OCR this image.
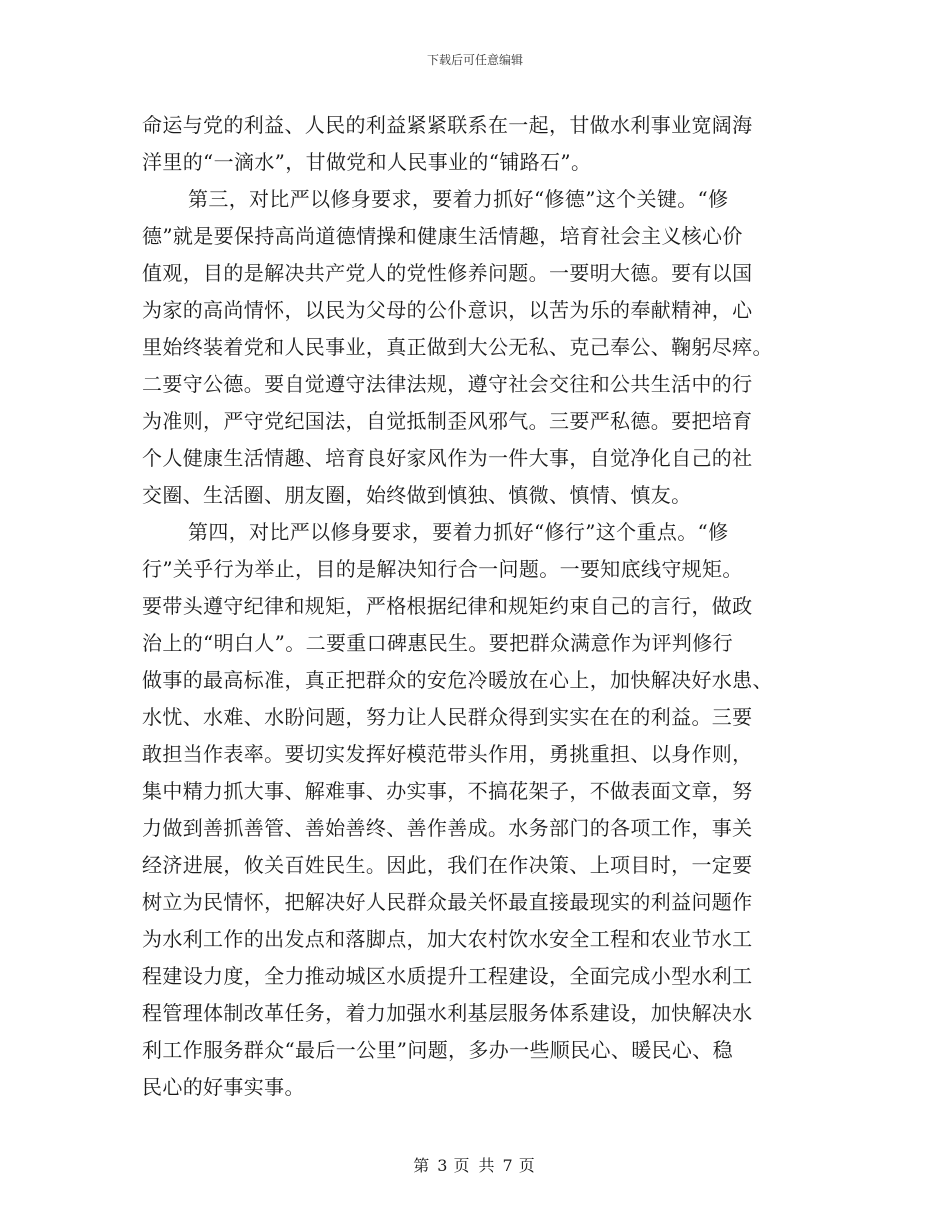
下载后可任意编辑
命运与党的利益、人民的利益紧紧联系在一起，甘做水利事业宽阔海
洋里的“一滴水”，甘做党和人民事业的“铺路石”。
第三，对比严以修身要求，要着力抓好“修德”这个关键。“修
德”就是要保持高尚道德情操和健康生活情趣，培育社会主义核心价
值观，目的是解决共产党人的党性修养问题。一要明大德。要有以国
为家的高尚情怀，以民为父母的公仆意识，以苦为乐的奉献精神，心
里始终装着党和人民事业，真正做到大公无私、克己奉公、鞠躬尽瘁。
二要守公德。要自觉遵守法律法规，遵守社会交往和公共生活中的行
为准则，严守党纪国法，自觉抵制歪风邪气。三要严私德。要把培育
个人健康生活情趣、培育良好家风作为一件大事，自觉净化自己的社
交圈、生活圈、朋友圈，始终做到慎独、慎微、慎情、慎友。
第四，对比严以修身要求，要着力抓好“修行”这个重点。“修
行”关乎行为举止，目的是解决知行合一问题。一要知底线守规矩。
要带头遵守纪律和规矩，严格根据纪律和规矩约束自己的言行，做政
治上的“明白人”。二要重口碑惠民生。要把群众满意作为评判修行
做事的最高标准，真正把群众的安危冷暖放在心上，加快解决好水患、
水忧、水难、水盼问题，努力让人民群众得到实实在在的利益。三要
敢担当作表率。要切实发挥好模范带头作用，勇挑重担、以身作则，
集中精力抓大事、解难事、办实事，不搞花架子，不做表面文章，努
力做到善抓善管、善始善终、善作善成。水务部门的各项工作，事关
经济进展，攸关百姓民生。因此，我们在作决策、上项目时，一定要
树立为民情怀，把解决好人民群众最关怀最直接最现实的利益问题作
为水利工作的出发点和落脚点，加大农村饮水安全工程和农业节水工
程建设力度，全力推动城区水质提升工程建设，全面完成小型水利工
程管理体制改革任务，着力加强水利基层服务体系建设，加快解决水
利工作服务群众“最后一公里”问题，多办一些顺民心、暖民心、稳
民心的好事实事。
第 3 页 共 7 页
